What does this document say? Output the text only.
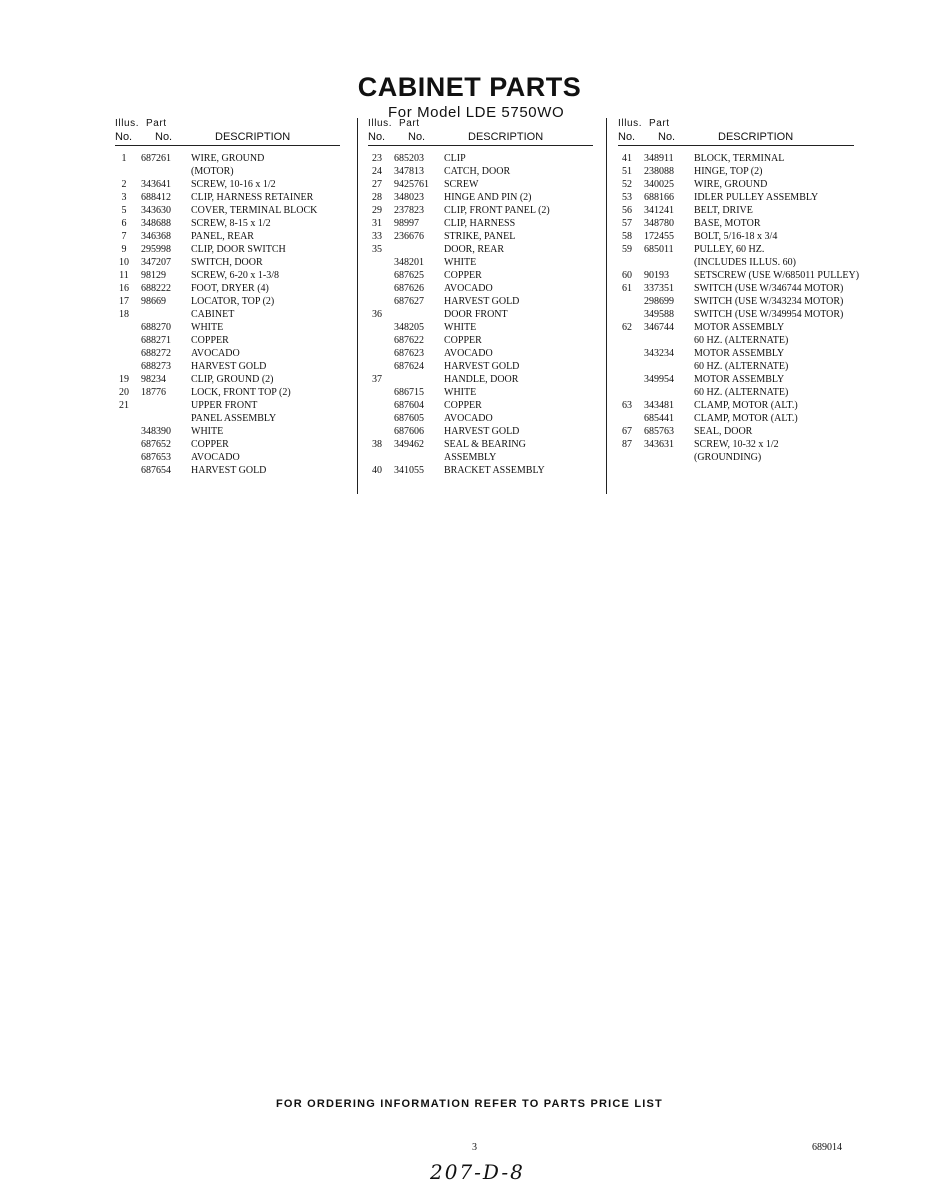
CABINET PARTS
For Model LDE 5750WO
Illus. Part
No. No.	DESCRIPTION
1	687261 WIRE, GROUND
(MOTOR)
2	343641 SCREW, 10-16 x 1/2
3	688412 CLIP, HARNESS RETAINER
5	343630 COVER, TERMINAL BLOCK
6	348688 SCREW, 8-15 x 1/2
7	346368 PANEL, REAR
9	295998 CLIP, DOOR SWITCH
10	347207 SWITCH, DOOR
11	98129	SCREW, 6-20 x 1-3/8
16	688222 FOOT, DRYER (4)
17	98669	LOCATOR, TOP (2)
18	CABINET
688270 WHITE
688271 COPPER
688272 AVOCADO
688273 HARVEST GOLD
19	98234	CLIP, GROUND (2)
20	18776	LOCK, FRONT TOP (2)
21	UPPER FRONT
PANEL ASSEMBLY
348390 WHITE
687652 COPPER
687653 AVOCADO
687654 HARVEST GOLD
Illus. Part
No. No.	DESCRIPTION
23	685203 CLIP
24	347813 CATCH, DOOR
27	9425761 SCREW
28	348023 HINGE AND PIN (2)
29	237823 CLIP, FRONT PANEL (2)
31	98997	CLIP, HARNESS
33	236676 STRIKE, PANEL
35	DOOR, REAR
348201 WHITE
687625 COPPER
687626 AVOCADO
687627 HARVEST GOLD
36	DOOR FRONT
348205 WHITE
687622 COPPER
687623 AVOCADO
687624 HARVEST GOLD
37	HANDLE, DOOR
686715 WHITE
687604 COPPER
687605 AVOCADO
687606 HARVEST GOLD
38	349462 SEAL & BEARING
ASSEMBLY
40	341055 BRACKET ASSEMBLY
Illus. Part
No. No.	DESCRIPTION
41	348911 BLOCK, TERMINAL
51	238088 HINGE, TOP (2)
52	340025 WIRE, GROUND
53	688166 IDLER PULLEY ASSEMBLY
56	341241 BELT, DRIVE
57	348780 BASE, MOTOR
58	172455 BOLT, 5/16-18 x 3/4
59	685011 PULLEY, 60 HZ.
(INCLUDES ILLUS. 60)
60	90193	SETSCREW (USE W/685011 PULLEY)
61	337351 SWITCH (USE W/346744 MOTOR)
298699 SWITCH (USE W/343234 MOTOR)
349588 SWITCH (USE W/349954 MOTOR)
62	346744 MOTOR ASSEMBLY
60 HZ. (ALTERNATE)
343234 MOTOR ASSEMBLY
60 HZ. (ALTERNATE)
349954 MOTOR ASSEMBLY
60 HZ. (ALTERNATE)
63	343481 CLAMP, MOTOR (ALT.)
685441 CLAMP, MOTOR (ALT.)
67	685763 SEAL, DOOR
87	343631 SCREW, 10-32 x 1/2
(GROUNDING)
FOR ORDERING INFORMATION REFER TO PARTS PRICE LIST
3	689014
207-D-8
